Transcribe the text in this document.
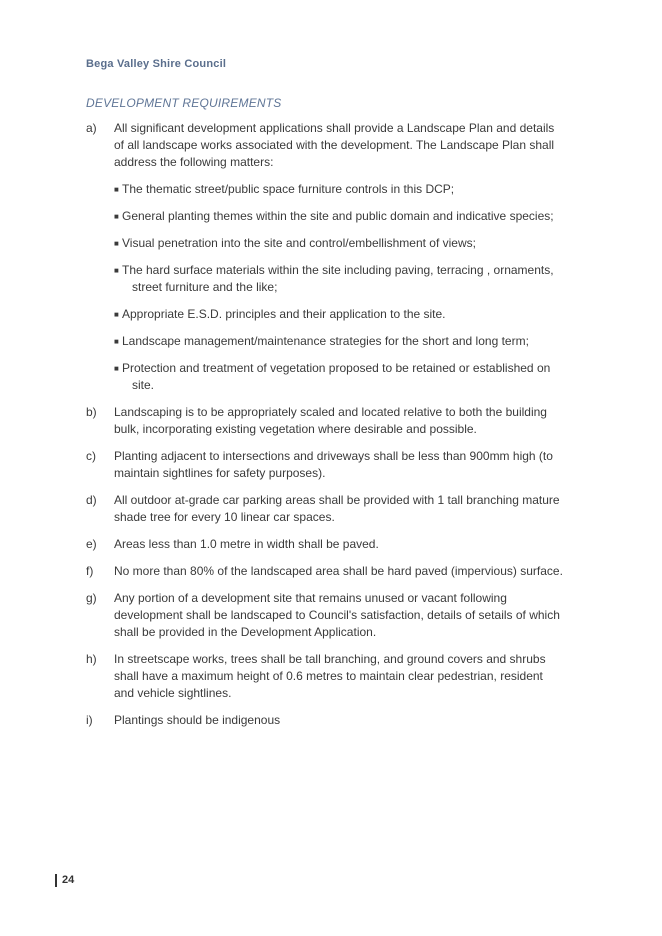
Bega Valley Shire Council
DEVELOPMENT REQUIREMENTS
a) All significant development applications shall provide a Landscape Plan and details of all landscape works associated with the development. The Landscape Plan shall address the following matters:
■ The thematic street/public space furniture controls in this DCP;
■ General planting themes within the site and public domain and indicative species;
■ Visual penetration into the site and control/embellishment of views;
■ The hard surface materials within the site including paving, terracing , ornaments,
street furniture and the like;
■ Appropriate E.S.D. principles and their application to the site.
■ Landscape management/maintenance strategies for the short and long term;
■ Protection and treatment of vegetation proposed to be retained or established on
site.
b) Landscaping is to be appropriately scaled and located relative to both the building bulk, incorporating existing vegetation where desirable and possible.
c) Planting adjacent to intersections and driveways shall be less than 900mm high (to maintain sightlines for safety purposes).
d) All outdoor at-grade car parking areas shall be provided with 1 tall branching mature shade tree for every 10 linear car spaces.
e) Areas less than 1.0 metre in width shall be paved.
f) No more than 80% of the landscaped area shall be hard paved (impervious) surface.
g) Any portion of a development site that remains unused or vacant following development shall be landscaped to Council's satisfaction, details of setails of which shall be provided in the Development Application.
h) In streetscape works, trees shall be tall branching, and ground covers and shrubs shall have a maximum height of 0.6 metres to maintain clear pedestrian, resident and vehicle sightlines.
i) Plantings should be indigenous
24
